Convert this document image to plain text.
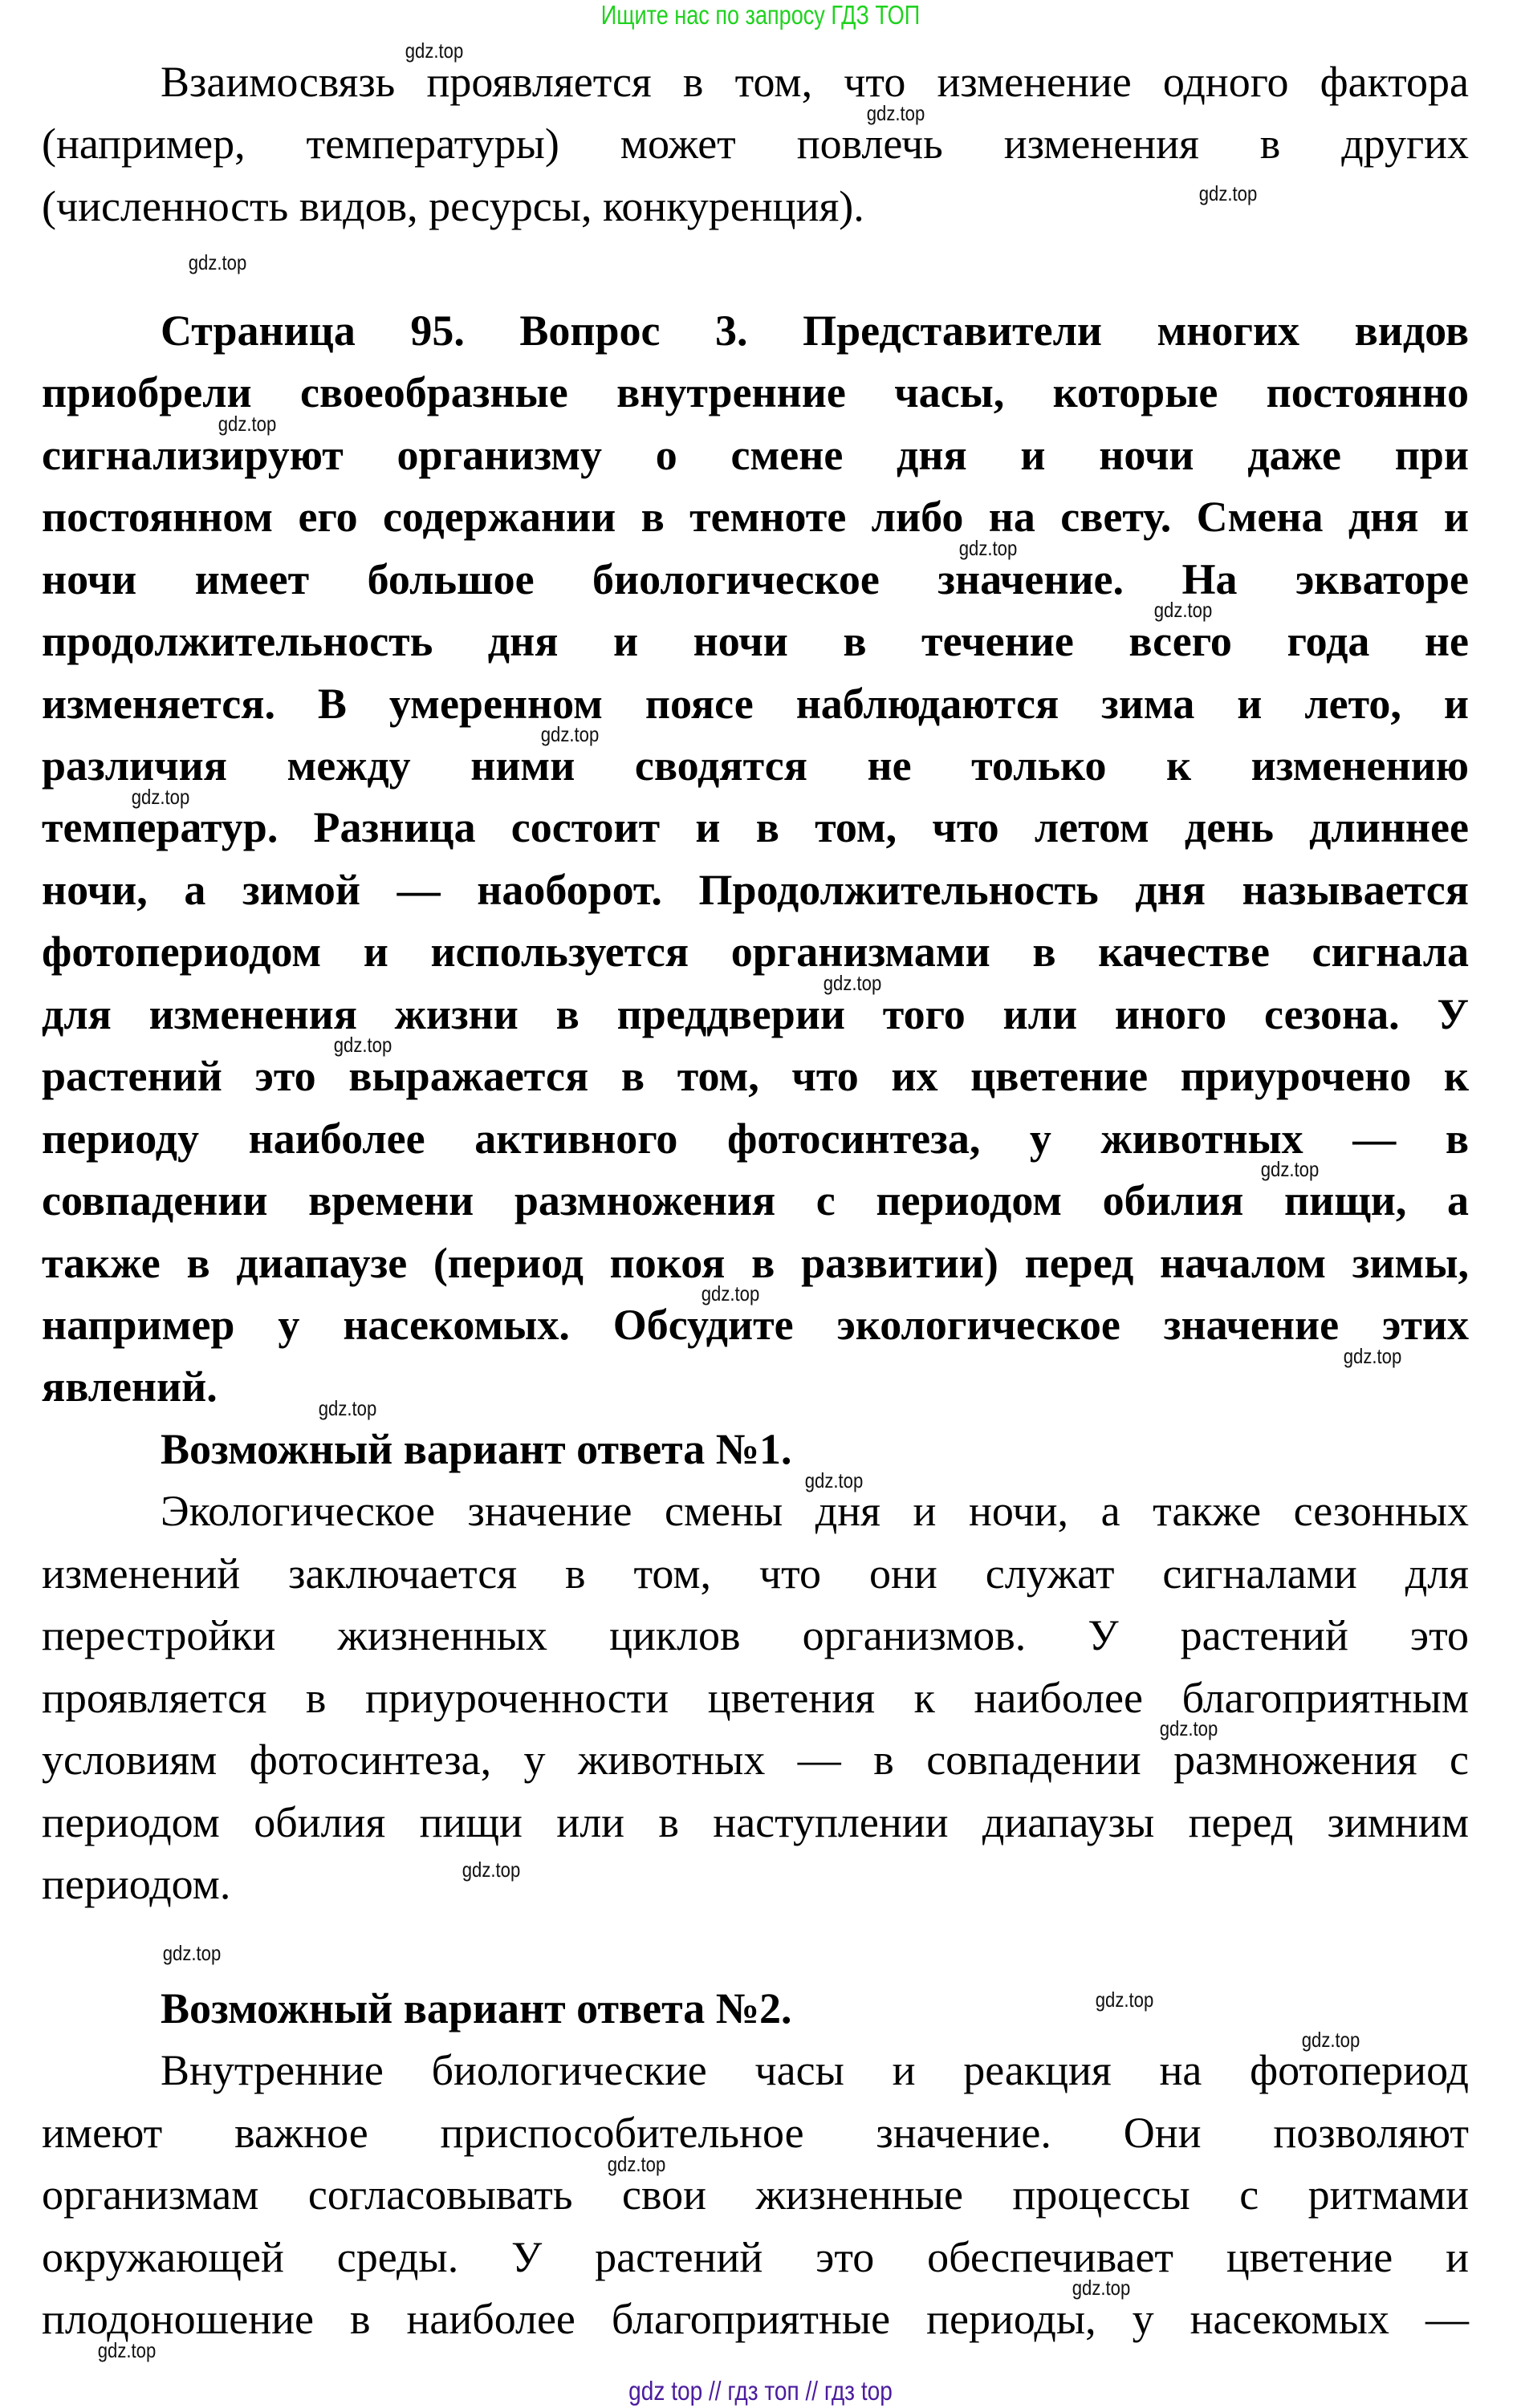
Ищите нас по запросу ГДЗ ТОП
Взаимосвязь проявляется в том, что изменение одного фактора
(например, температуры) может повлечь изменения в других
(численность видов, ресурсы, конкуренция).
Страница 95. Вопрос 3. Представители многих видов
приобрели своеобразные внутренние часы, которые постоянно
сигнализируют организму о смене дня и ночи даже при
постоянном его содержании в темноте либо на свету. Смена дня и
ночи имеет большое биологическое значение. На экваторе
продолжительность дня и ночи в течение всего года не
изменяется. В умеренном поясе наблюдаются зима и лето, и
различия между ними сводятся не только к изменению
температур. Разница состоит и в том, что летом день длиннее
ночи, а зимой — наоборот. Продолжительность дня называется
фотопериодом и используется организмами в качестве сигнала
для изменения жизни в преддверии того или иного сезона. У
растений это выражается в том, что их цветение приурочено к
периоду наиболее активного фотосинтеза, у животных — в
совпадении времени размножения с периодом обилия пищи, а
также в диапаузе (период покоя в развитии) перед началом зимы,
например у насекомых. Обсудите экологическое значение этих
явлений.
Возможный вариант ответа №1.
Экологическое значение смены дня и ночи, а также сезонных
изменений заключается в том, что они служат сигналами для
перестройки жизненных циклов организмов. У растений это
проявляется в приуроченности цветения к наиболее благоприятным
условиям фотосинтеза, у животных — в совпадении размножения с
периодом обилия пищи или в наступлении диапаузы перед зимним
периодом.
Возможный вариант ответа №2.
Внутренние биологические часы и реакция на фотопериод
имеют важное приспособительное значение. Они позволяют
организмам согласовывать свои жизненные процессы с ритмами
окружающей среды. У растений это обеспечивает цветение и
плодоношение в наиболее благоприятные периоды, у насекомых —
gdz.top
gdz.top
gdz.top
gdz.top
gdz.top
gdz.top
gdz.top
gdz.top
gdz.top
gdz.top
gdz.top
gdz.top
gdz.top
gdz.top
gdz.top
gdz.top
gdz.top
gdz.top
gdz.top
gdz.top
gdz.top
gdz.top
gdz.top
gdz.top
gdz top // гдз топ // гдз top
